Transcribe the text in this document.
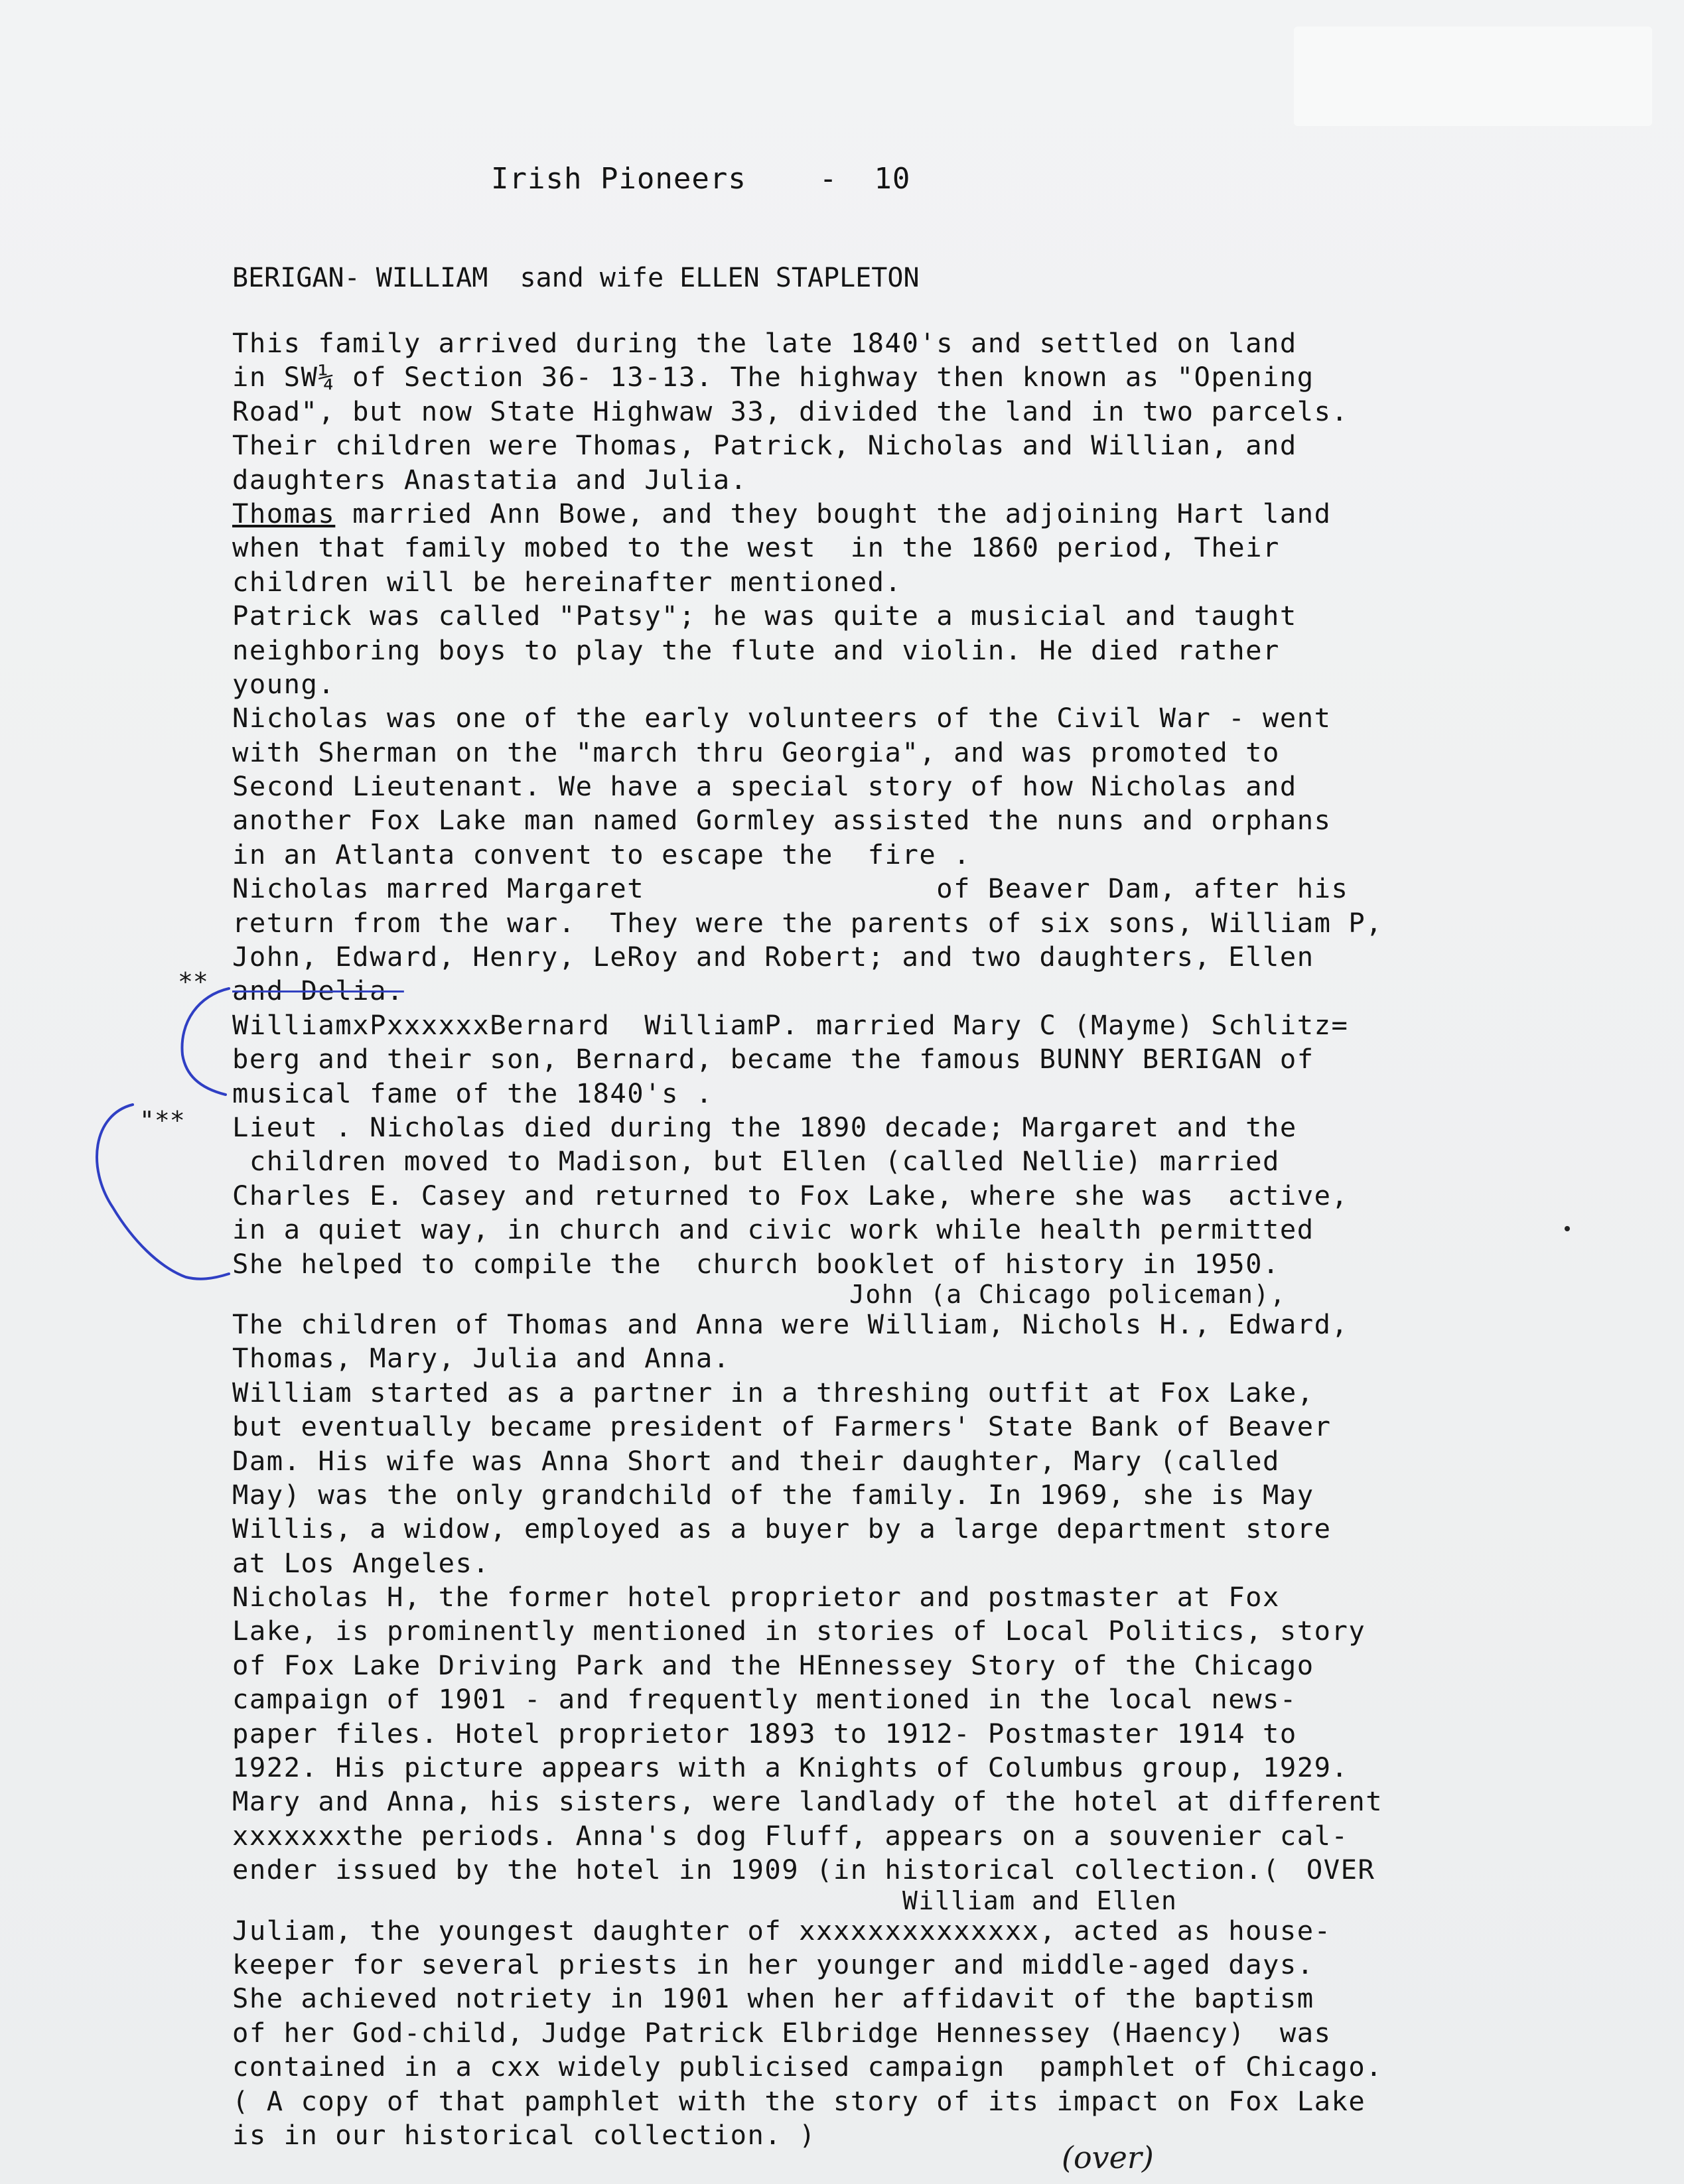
Irish Pioneers - 10
BERIGAN- WILLIAM  sand wife ELLEN STAPLETON
**
"**
This family arrived during the late 1840's and settled on land
in SW¼ of Section 36- 13-13. The highway then known as "Opening
Road", but now State Highwaw 33, divided the land in two parcels.
Their children were Thomas, Patrick, Nicholas and Willian, and
daughters Anastatia and Julia.
Thomas married Ann Bowe, and they bought the adjoining Hart land
when that family mobed to the west  in the 1860 period, Their
children will be hereinafter mentioned.
Patrick was called "Patsy"; he was quite a musicial and taught
neighboring boys to play the flute and violin. He died rather
young.
Nicholas was one of the early volunteers of the Civil War - went
with Sherman on the "march thru Georgia", and was promoted to
Second Lieutenant. We have a special story of how Nicholas and
another Fox Lake man named Gormley assisted the nuns and orphans
in an Atlanta convent to escape the  fire .
Nicholas marred Margaret                 of Beaver Dam, after his
return from the war.  They were the parents of six sons, William P,
John, Edward, Henry, LeRoy and Robert; and two daughters, Ellen
and Delia.
WilliamxPxxxxxxBernard  WilliamP. married Mary C (Mayme) Schlitz=
berg and their son, Bernard, became the famous BUNNY BERIGAN of
musical fame of the 1840's .
Lieut . Nicholas died during the 1890 decade; Margaret and the
children moved to Madison, but Ellen (called Nellie) married
Charles E. Casey and returned to Fox Lake, where she was  active,
in a quiet way, in church and civic work while health permitted
She helped to compile the  church booklet of history in 1950.
John (a Chicago policeman),
The children of Thomas and Anna were William, Nichols H., Edward,
Thomas, Mary, Julia and Anna.
William started as a partner in a threshing outfit at Fox Lake,
but eventually became president of Farmers' State Bank of Beaver
Dam. His wife was Anna Short and their daughter, Mary (called
May) was the only grandchild of the family. In 1969, she is May
Willis, a widow, employed as a buyer by a large department store
at Los Angeles.
Nicholas H, the former hotel proprietor and postmaster at Fox
Lake, is prominently mentioned in stories of Local Politics, story
of Fox Lake Driving Park and the HEnnessey Story of the Chicago
campaign of 1901 - and frequently mentioned in the local news-
paper files. Hotel proprietor 1893 to 1912- Postmaster 1914 to
1922. His picture appears with a Knights of Columbus group, 1929.
Mary and Anna, his sisters, were landlady of the hotel at different
xxxxxxxthe periods. Anna's dog Fluff, appears on a souvenier cal-
ender issued by the hotel in 1909 (in historical collection.( OVER
William and Ellen
Juliam, the youngest daughter of xxxxxxxxxxxxxx, acted as house-
keeper for several priests in her younger and middle-aged days.
She achieved notriety in 1901 when her affidavit of the baptism
of her God-child, Judge Patrick Elbridge Hennessey (Haency)  was
contained in a cxx widely publicised campaign  pamphlet of Chicago.
( A copy of that pamphlet with the story of its impact on Fox Lake
is in our historical collection. )
(over)
